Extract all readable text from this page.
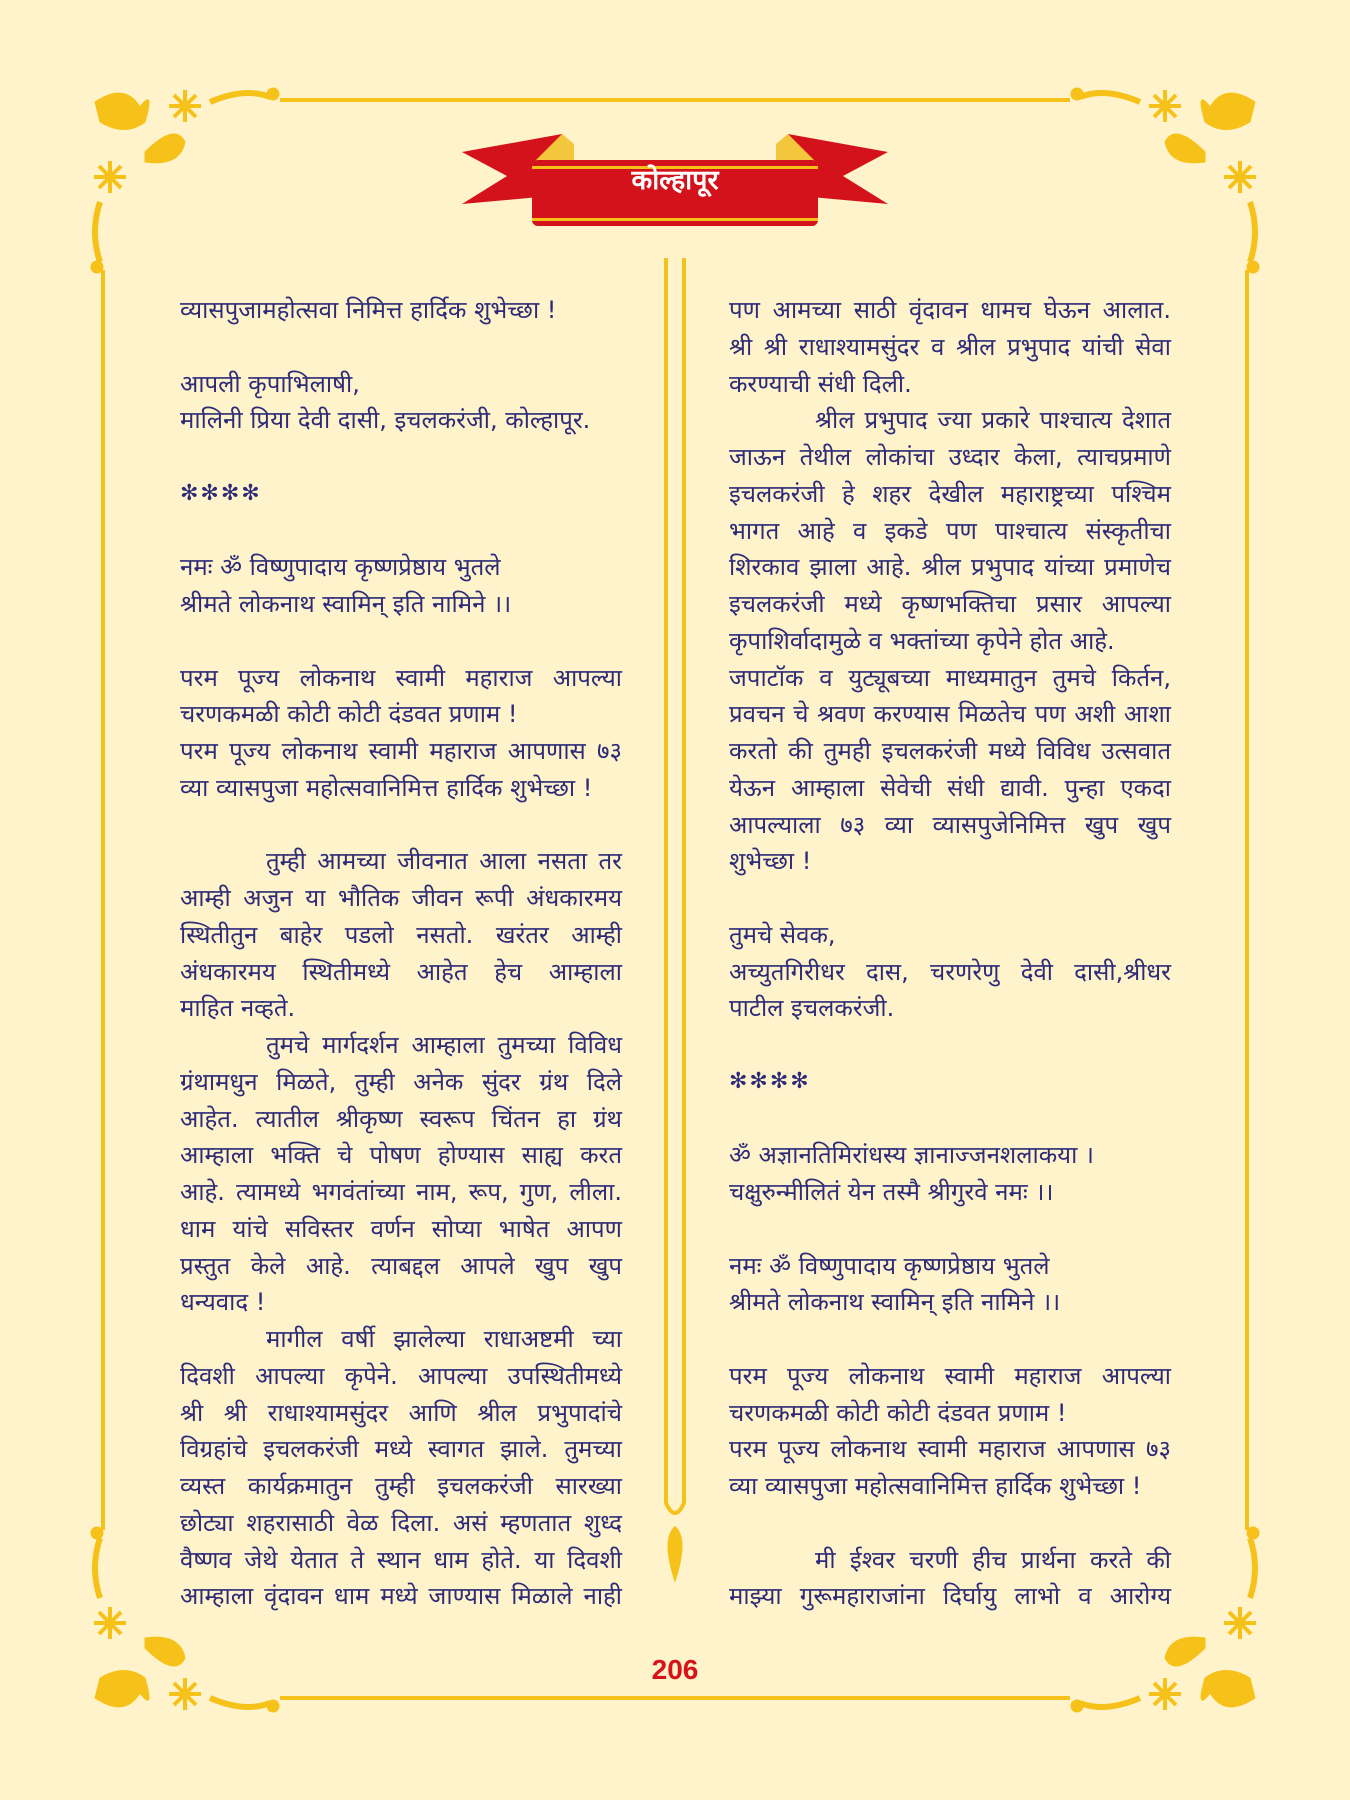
कोल्हापूर
व्यासपुजामहोत्सवा निमित्त हार्दिक शुभेच्छा !
आपली कृपाभिलाषी,
मालिनी प्रिया देवी दासी, इचलकरंजी, कोल्हापूर.
✻✻✻✻
नमः ॐ विष्णुपादाय कृष्णप्रेष्ठाय भुतले
श्रीमते लोकनाथ स्वामिन् इति नामिने ।।
परम पूज्य लोकनाथ स्वामी महाराज आपल्या
चरणकमळी कोटी कोटी दंडवत प्रणाम !
परम पूज्य लोकनाथ स्वामी महाराज आपणास ७३
व्या व्यासपुजा महोत्सवानिमित्त हार्दिक शुभेच्छा !
तुम्ही आमच्या जीवनात आला नसता तर
आम्ही अजुन या भौतिक जीवन रूपी अंधकारमय
स्थितीतुन बाहेर पडलो नसतो. खरंतर आम्ही
अंधकारमय स्थितीमध्ये आहेत हेच आम्हाला
माहित नव्हते.
तुमचे मार्गदर्शन आम्हाला तुमच्या विविध
ग्रंथामधुन मिळते, तुम्ही अनेक सुंदर ग्रंथ दिले
आहेत. त्यातील श्रीकृष्ण स्वरूप चिंतन हा ग्रंथ
आम्हाला भक्ति चे पोषण होण्यास साह्य करत
आहे. त्यामध्ये भगवंतांच्या नाम, रूप, गुण, लीला.
धाम यांचे सविस्तर वर्णन सोप्या भाषेत आपण
प्रस्तुत केले आहे. त्याबद्दल आपले खुप खुप
धन्यवाद !
मागील वर्षी झालेल्या राधाअष्टमी च्या
दिवशी आपल्या कृपेने. आपल्या उपस्थितीमध्ये
श्री श्री राधाश्यामसुंदर आणि श्रील प्रभुपादांचे
विग्रहांचे इचलकरंजी मध्ये स्वागत झाले. तुमच्या
व्यस्त कार्यक्रमातुन तुम्ही इचलकरंजी सारख्या
छोट्या शहरासाठी वेळ दिला. असं म्हणतात शुध्द
वैष्णव जेथे येतात ते स्थान धाम होते. या दिवशी
आम्हाला वृंदावन धाम मध्ये जाण्यास मिळाले नाही
पण आमच्या साठी वृंदावन धामच घेऊन आलात.
श्री श्री राधाश्यामसुंदर व श्रील प्रभुपाद यांची सेवा
करण्याची संधी दिली.
श्रील प्रभुपाद ज्या प्रकारे पाश्चात्य देशात
जाऊन तेथील लोकांचा उध्दार केला, त्याचप्रमाणे
इचलकरंजी हे शहर देखील महाराष्ट्रच्या पश्चिम
भागत आहे व इकडे पण पाश्चात्य संस्कृतीचा
शिरकाव झाला आहे. श्रील प्रभुपाद यांच्या प्रमाणेच
इचलकरंजी मध्ये कृष्णभक्तिचा प्रसार आपल्या
कृपाशिर्वादामुळे व भक्तांच्या कृपेने होत आहे.
जपाटॉक व युट्यूबच्या माध्यमातुन तुमचे किर्तन,
प्रवचन चे श्रवण करण्यास मिळतेच पण अशी आशा
करतो की तुमही इचलकरंजी मध्ये विविध उत्सवात
येऊन आम्हाला सेवेची संधी द्यावी. पुन्हा एकदा
आपल्याला ७३ व्या व्यासपुजेनिमित्त खुप खुप
शुभेच्छा !
तुमचे सेवक,
अच्युतगिरीधर दास, चरणरेणु देवी दासी,श्रीधर
पाटील इचलकरंजी.
✻✻✻✻
ॐ अज्ञानतिमिरांधस्य ज्ञानाज्जनशलाकया ।
चक्षुरुन्मीलितं येन तस्मै श्रीगुरवे नमः ।।
नमः ॐ विष्णुपादाय कृष्णप्रेष्ठाय भुतले
श्रीमते लोकनाथ स्वामिन् इति नामिने ।।
परम पूज्य लोकनाथ स्वामी महाराज आपल्या
चरणकमळी कोटी कोटी दंडवत प्रणाम !
परम पूज्य लोकनाथ स्वामी महाराज आपणास ७३
व्या व्यासपुजा महोत्सवानिमित्त हार्दिक शुभेच्छा !
मी ईश्वर चरणी हीच प्रार्थना करते की
माझ्या गुरूमहाराजांना दिर्घायु लाभो व आरोग्य
206
